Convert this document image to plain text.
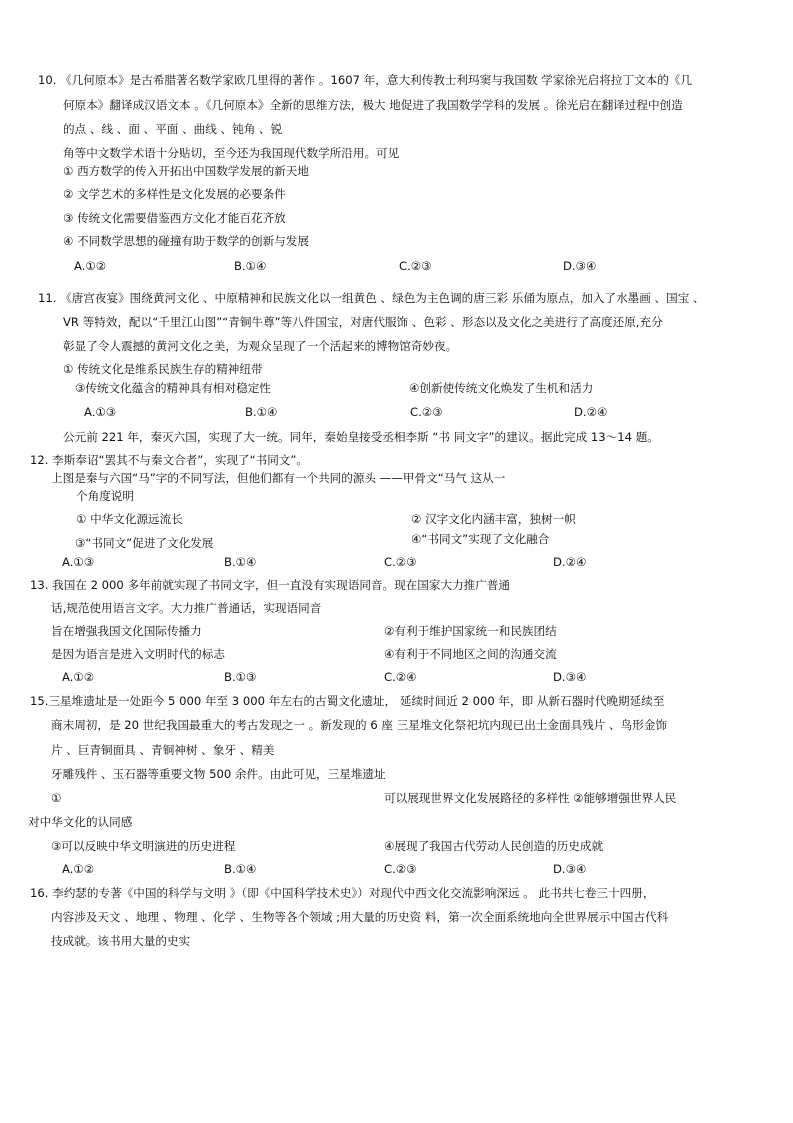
10. 《几何原本》是古希腊著名数学家欧几里得的著作 。1607 年，意大利传教士利玛窦与我国数 学家徐光启将拉丁文本的《几
何原本》翻译成汉语文本 。《几何原本》全新的思维方法，极大 地促进了我国数学学科的发展 。徐光启在翻译过程中创造
的点 、线 、面 、平面 、曲线 、钝角 、锐
角等中文数学术语十分贴切，至今还为我国现代数学所沿用。可见
① 西方数学的传入开拓出中国数学发展的新天地
② 文学艺术的多样性是文化发展的必要条件
③ 传统文化需要借鉴西方文化才能百花齐放
④ 不同数学思想的碰撞有助于数学的创新与发展
A.①②	B.①④	C.②③	D.③④
11. 《唐宫夜宴》围绕黄河文化 、中原精神和民族文化以一组黄色 、绿色为主色调的唐三彩 乐俑为原点，加入了水墨画 、国宝 、
VR 等特效，配以“千里江山图”“青铜牛尊”等八件国宝，对唐代服饰 、色彩 、形态以及文化之美进行了高度还原,充分
彰显了令人震撼的黄河文化之美，为观众呈现了一个活起来的博物馆奇妙夜。
① 传统文化是维系民族生存的精神纽带
③传统文化蕴含的精神具有相对稳定性	④创新使传统文化焕发了生机和活力
A.①③	B.①④	C.②③	D.②④
公元前 221 年，秦灭六国，实现了大一统。同年，秦始皇接受丞相李斯 “书 同文字”的建议。据此完成 13～14 题。
12. 李斯奉诏“罢其不与秦文合者”，实现了“书同文”。
上图是秦与六国“马”字的不同写法，但他们都有一个共同的源头 ——甲骨文“马气 这从一
个角度说明
① 中华文化源远流长	② 汉字文化内涵丰富，独树一帜
③“书同文”促进了文化发展	④“书同文”实现了文化融合
A.①③	B.①④	C.②③	D.②④
13. 我国在 2 000 多年前就实现了书同文字，但一直没有实现语同音。现在国家大力推广普通
话,规范使用语言文字。大力推广普通话，实现语同音
旨在增强我国文化国际传播力	②有利于维护国家统一和民族团结
是因为语言是进入文明时代的标志	④有利于不同地区之间的沟通交流
A.①②	B.①③	C.②④	D.③④
15.三星堆遗址是一处距今 5 000 年至 3 000 年左右的古蜀文化遗址， 延续时间近 2 000 年，即 从新石器时代晚期延续至
商末周初，是 20 世纪我国最重大的考古发现之一 。新发现的 6 座 三星堆文化祭祀坑内现已出土金面具残片 、鸟形金饰
片 、巨青铜面具 、青铜神树 、象牙 、精美
牙雕残件 、玉石器等重要文物 500 余件。由此可见，三星堆遗址
①	可以展现世界文化发展路径的多样性 ②能够增强世界人民
对中华文化的认同感
③可以反映中华文明演进的历史进程	④展现了我国古代劳动人民创造的历史成就
A.①②	B.①④	C.②③	D.③④
16. 李约瑟的专著《中国的科学与文明 》（即《中国科学技术史》）对现代中西文化交流影响深远 。 此书共七卷三十四册，
内容涉及天文 、地理 、物理 、化学 、生物等各个领域 ;用大量的历史资 料，第一次全面系统地向全世界展示中国古代科
技成就。该书用大量的史实
